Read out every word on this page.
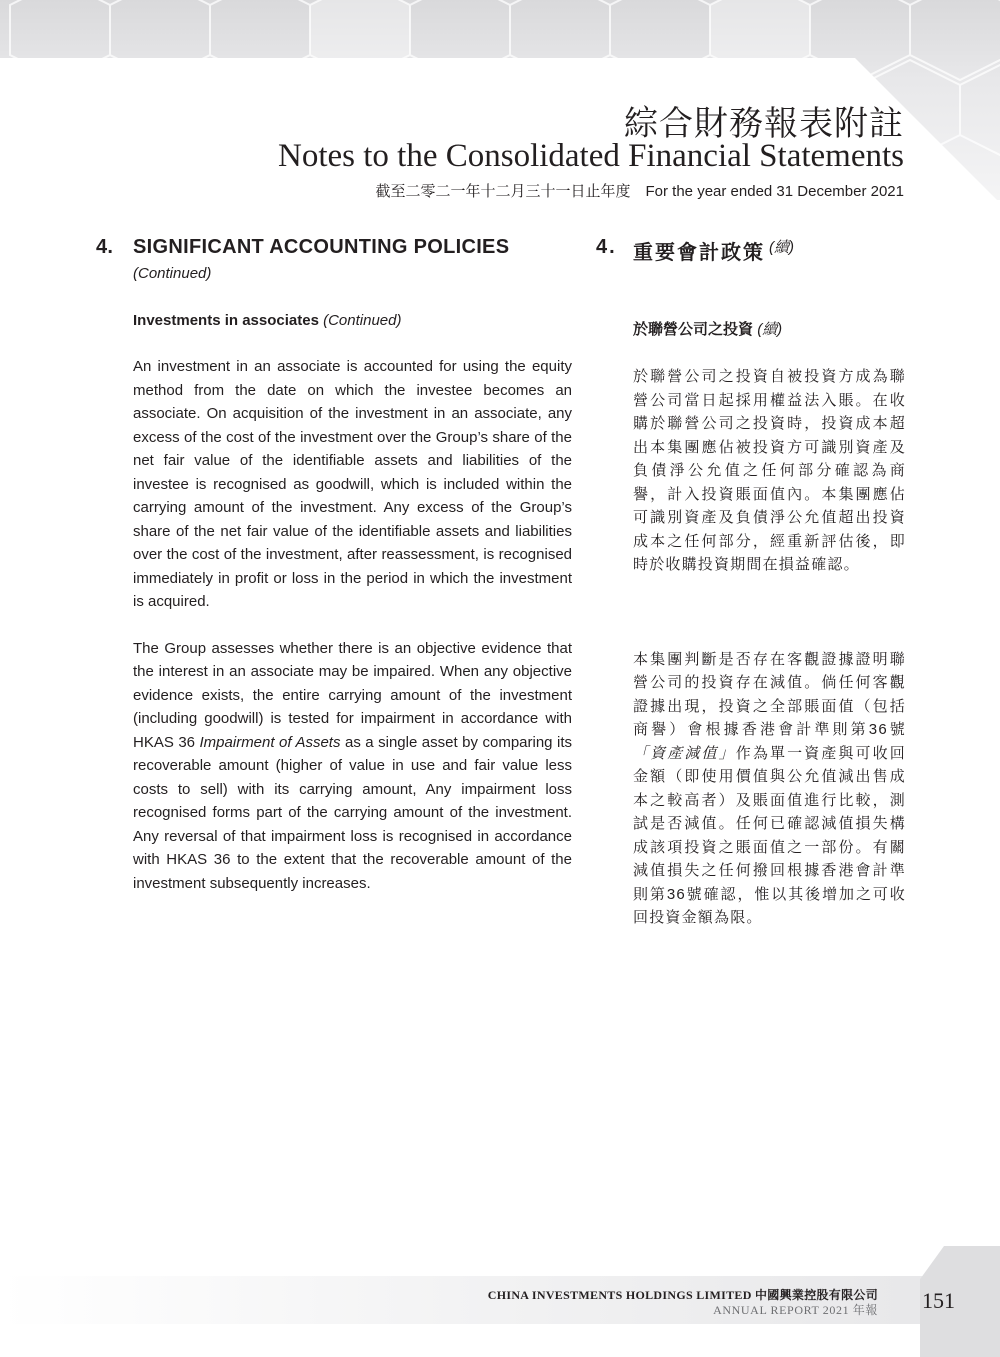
綜合財務報表附註
Notes to the Consolidated Financial Statements
截至二零二一年十二月三十一日止年度　For the year ended 31 December 2021
4. SIGNIFICANT ACCOUNTING POLICIES
(Continued)
Investments in associates (Continued)

An investment in an associate is accounted for using the equity method from the date on which the investee becomes an associate. On acquisition of the investment in an associate, any excess of the cost of the investment over the Group’s share of the net fair value of the identifiable assets and liabilities of the investee is recognised as goodwill, which is included within the carrying amount of the investment. Any excess of the Group’s share of the net fair value of the identifiable assets and liabilities over the cost of the investment, after reassessment, is recognised immediately in profit or loss in the period in which the investment is acquired.

The Group assesses whether there is an objective evidence that the interest in an associate may be impaired. When any objective evidence exists, the entire carrying amount of the investment (including goodwill) is tested for impairment in accordance with HKAS 36 Impairment of Assets as a single asset by comparing its recoverable amount (higher of value in use and fair value less costs to sell) with its carrying amount, Any impairment loss recognised forms part of the carrying amount of the investment. Any reversal of that impairment loss is recognised in accordance with HKAS 36 to the extent that the recoverable amount of the investment subsequently increases.

4. 重要會計政策 (續)
於聯營公司之投資 (續)

於聯營公司之投資自被投資方成為聯營公司當日起採用權益法入賬。在收購於聯營公司之投資時，投資成本超出本集團應佔被投資方可識別資產及負債淨公允值之任何部分確認為商譽，計入投資賬面值內。本集團應佔可識別資產及負債淨公允值超出投資成本之任何部分，經重新評估後，即時於收購投資期間在損益確認。

本集團判斷是否存在客觀證據證明聯營公司的投資存在減值。倘任何客觀證據出現，投資之全部賬面值（包括商譽）會根據香港會計準則第36號「資產減值」作為單一資產與可收回金額（即使用價值與公允值減出售成本之較高者）及賬面值進行比較，測試是否減值。任何已確認減值損失構成該項投資之賬面值之一部份。有關減值損失之任何撥回根據香港會計準則第36號確認，惟以其後增加之可收回投資金額為限。

CHINA INVESTMENTS HOLDINGS LIMITED 中國興業控股有限公司
ANNUAL REPORT 2021 年報 151
